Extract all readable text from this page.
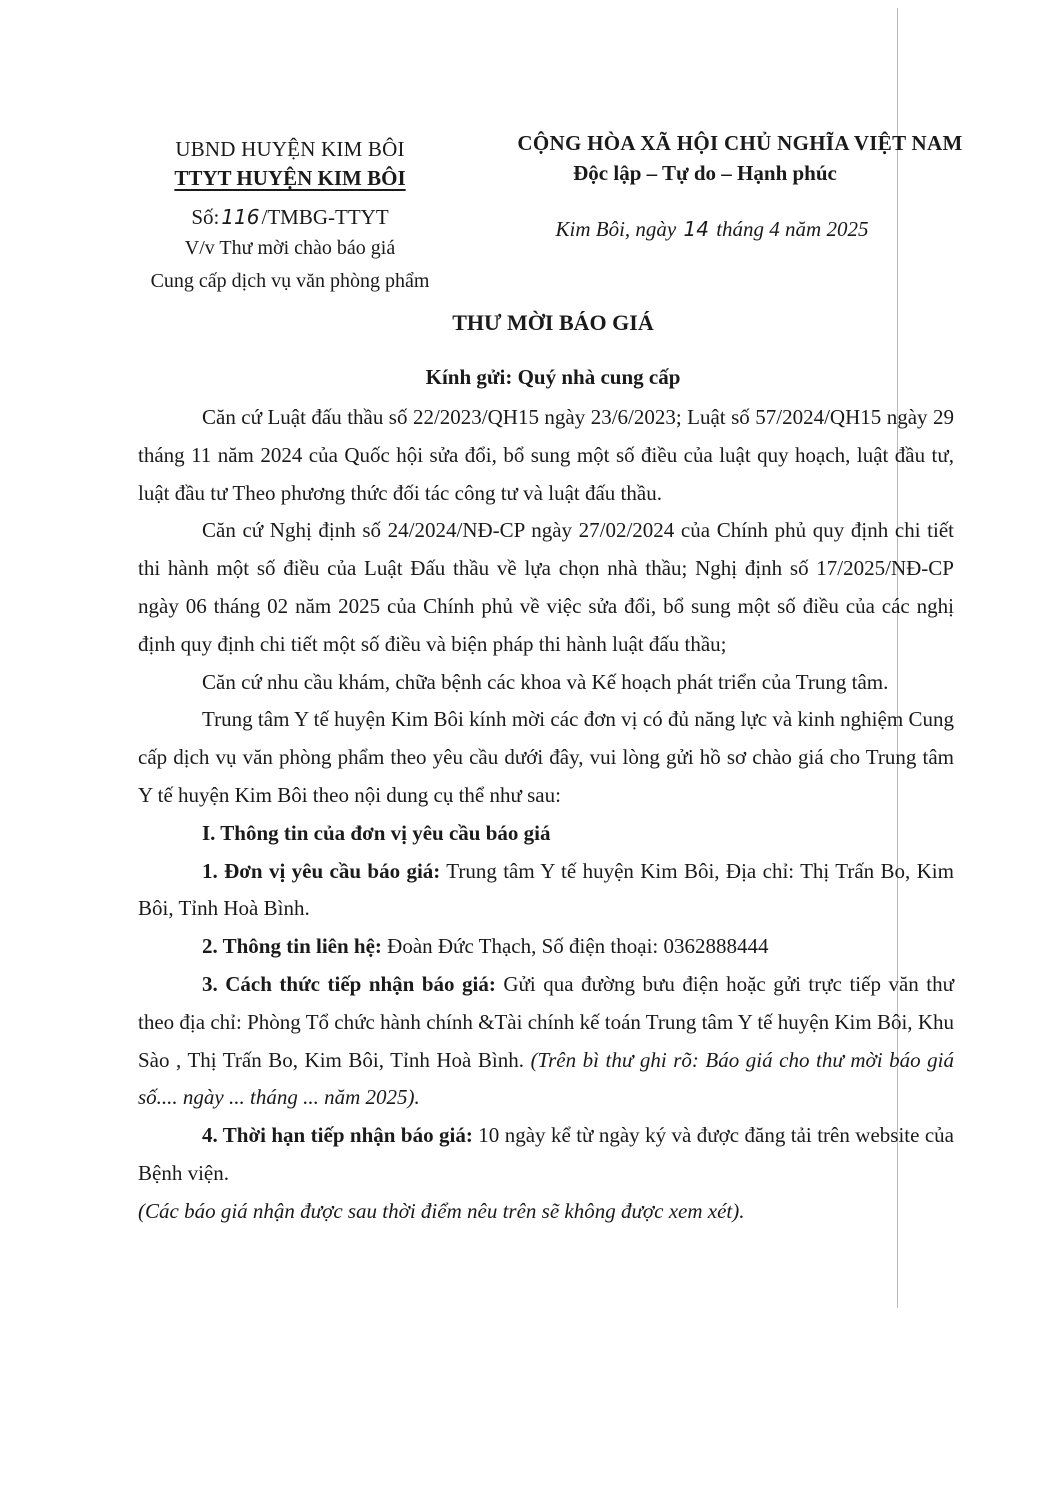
UBND HUYỆN KIM BÔI
TTYT HUYỆN KIM BÔI
Số: 116/TMBG-TTYT
V/v Thư mời chào báo giá
Cung cấp dịch vụ văn phòng phẩm
CỘNG HÒA XÃ HỘI CHỦ NGHĨA VIỆT NAM
Độc lập – Tự do – Hạnh phúc
Kim Bôi, ngày 14 tháng 4 năm 2025
THƯ MỜI BÁO GIÁ
Kính gửi: Quý nhà cung cấp

Căn cứ Luật đấu thầu số 22/2023/QH15 ngày 23/6/2023; Luật số 57/2024/QH15 ngày 29 tháng 11 năm 2024 của Quốc hội sửa đổi, bổ sung một số điều của luật quy hoạch, luật đầu tư, luật đầu tư Theo phương thức đối tác công tư và luật đấu thầu.

Căn cứ Nghị định số 24/2024/NĐ-CP ngày 27/02/2024 của Chính phủ quy định chi tiết thi hành một số điều của Luật Đấu thầu về lựa chọn nhà thầu; Nghị định số 17/2025/NĐ-CP ngày 06 tháng 02 năm 2025 của Chính phủ về việc sửa đổi, bổ sung một số điều của các nghị định quy định chi tiết một số điều và biện pháp thi hành luật đấu thầu;

Căn cứ nhu cầu khám, chữa bệnh các khoa và Kế hoạch phát triển của Trung tâm.

Trung tâm Y tế huyện Kim Bôi kính mời các đơn vị có đủ năng lực và kinh nghiệm Cung cấp dịch vụ văn phòng phẩm theo yêu cầu dưới đây, vui lòng gửi hồ sơ chào giá cho Trung tâm Y tế huyện Kim Bôi theo nội dung cụ thể như sau:

I. Thông tin của đơn vị yêu cầu báo giá

1. Đơn vị yêu cầu báo giá: Trung tâm Y tế huyện Kim Bôi, Địa chỉ: Thị Trấn Bo, Kim Bôi, Tỉnh Hoà Bình.

2. Thông tin liên hệ: Đoàn Đức Thạch, Số điện thoại: 0362888444

3. Cách thức tiếp nhận báo giá: Gửi qua đường bưu điện hoặc gửi trực tiếp văn thư theo địa chỉ: Phòng Tổ chức hành chính &Tài chính kế toán Trung tâm Y tế huyện Kim Bôi, Khu Sào , Thị Trấn Bo, Kim Bôi, Tỉnh Hoà Bình. (Trên bì thư ghi rõ: Báo giá cho thư mời báo giá số.... ngày ... tháng ... năm 2025).

4. Thời hạn tiếp nhận báo giá: 10 ngày kể từ ngày ký và được đăng tải trên website của Bệnh viện.

(Các báo giá nhận được sau thời điểm nêu trên sẽ không được xem xét).
